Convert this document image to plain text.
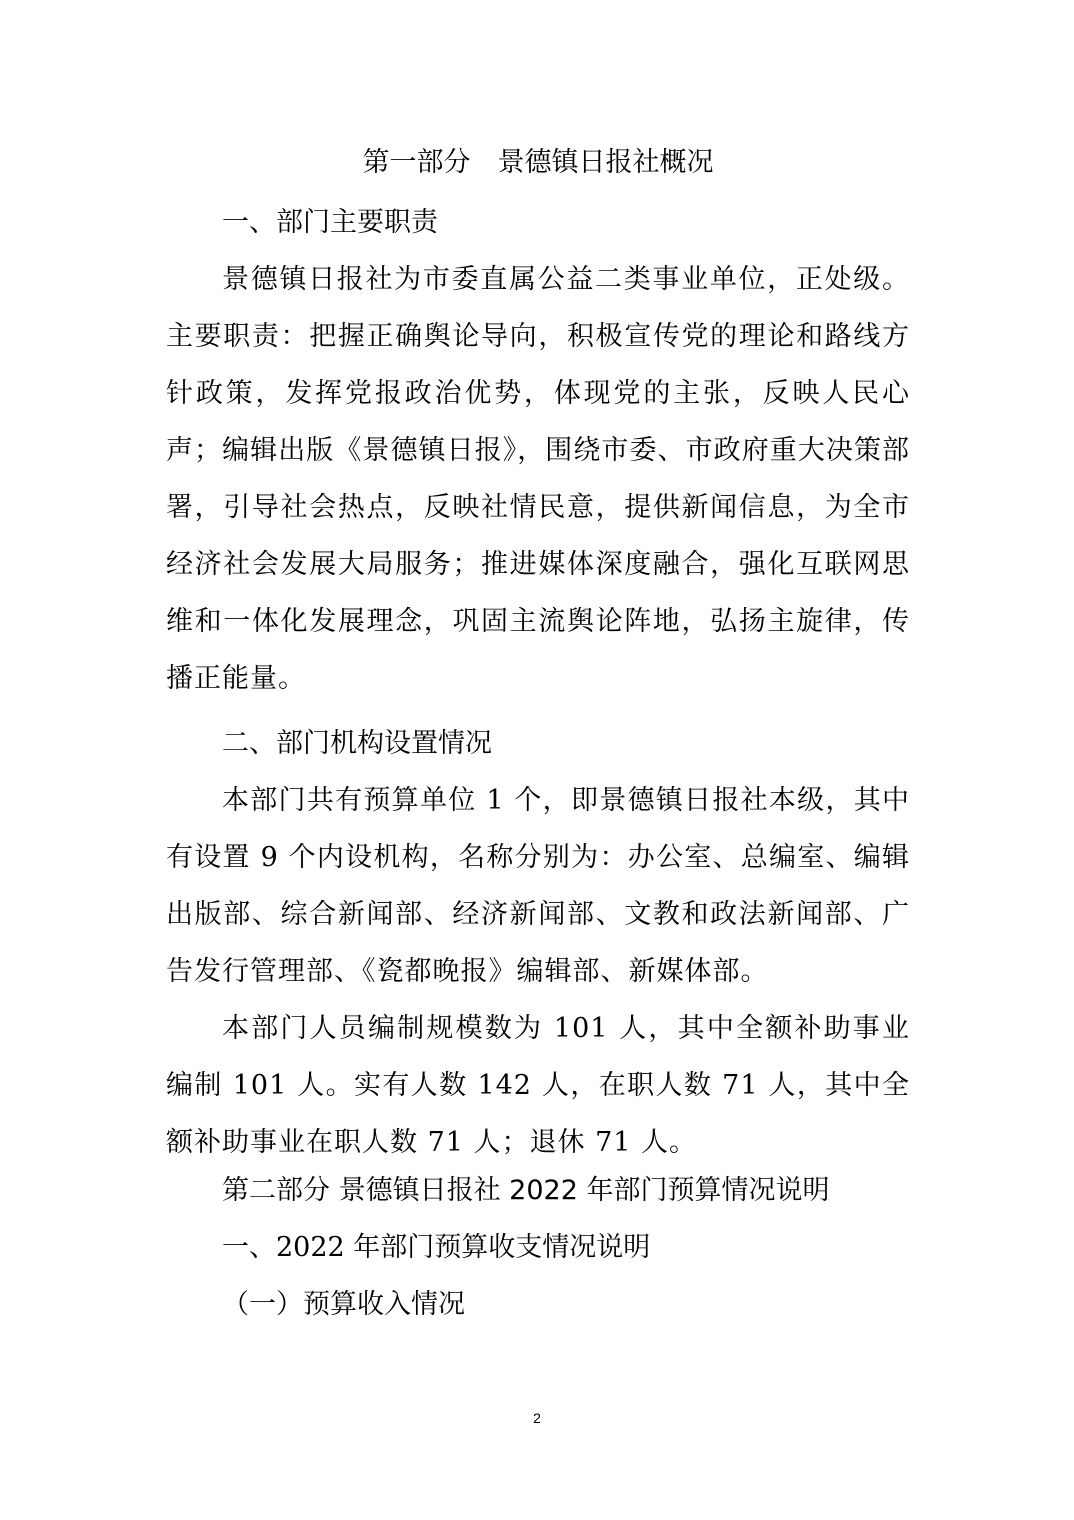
第一部分　景德镇日报社概况
一、部门主要职责

景德镇日报社为市委直属公益二类事业单位，正处级。主要职责：把握正确舆论导向，积极宣传党的理论和路线方针政策，发挥党报政治优势，体现党的主张，反映人民心声；编辑出版《景德镇日报》，围绕市委、市政府重大决策部署，引导社会热点，反映社情民意，提供新闻信息，为全市经济社会发展大局服务；推进媒体深度融合，强化互联网思维和一体化发展理念，巩固主流舆论阵地，弘扬主旋律，传播正能量。

二、部门机构设置情况

本部门共有预算单位 1 个，即景德镇日报社本级，其中有设置 9 个内设机构，名称分别为：办公室、总编室、编辑出版部、综合新闻部、经济新闻部、文教和政法新闻部、广告发行管理部、《瓷都晚报》编辑部、新媒体部。

本部门人员编制规模数为 101 人，其中全额补助事业编制 101 人。实有人数 142 人，在职人数 71 人，其中全额补助事业在职人数 71 人；退休 71 人。

第二部分 景德镇日报社 2022 年部门预算情况说明
一、2022 年部门预算收支情况说明
（一）预算收入情况
2
